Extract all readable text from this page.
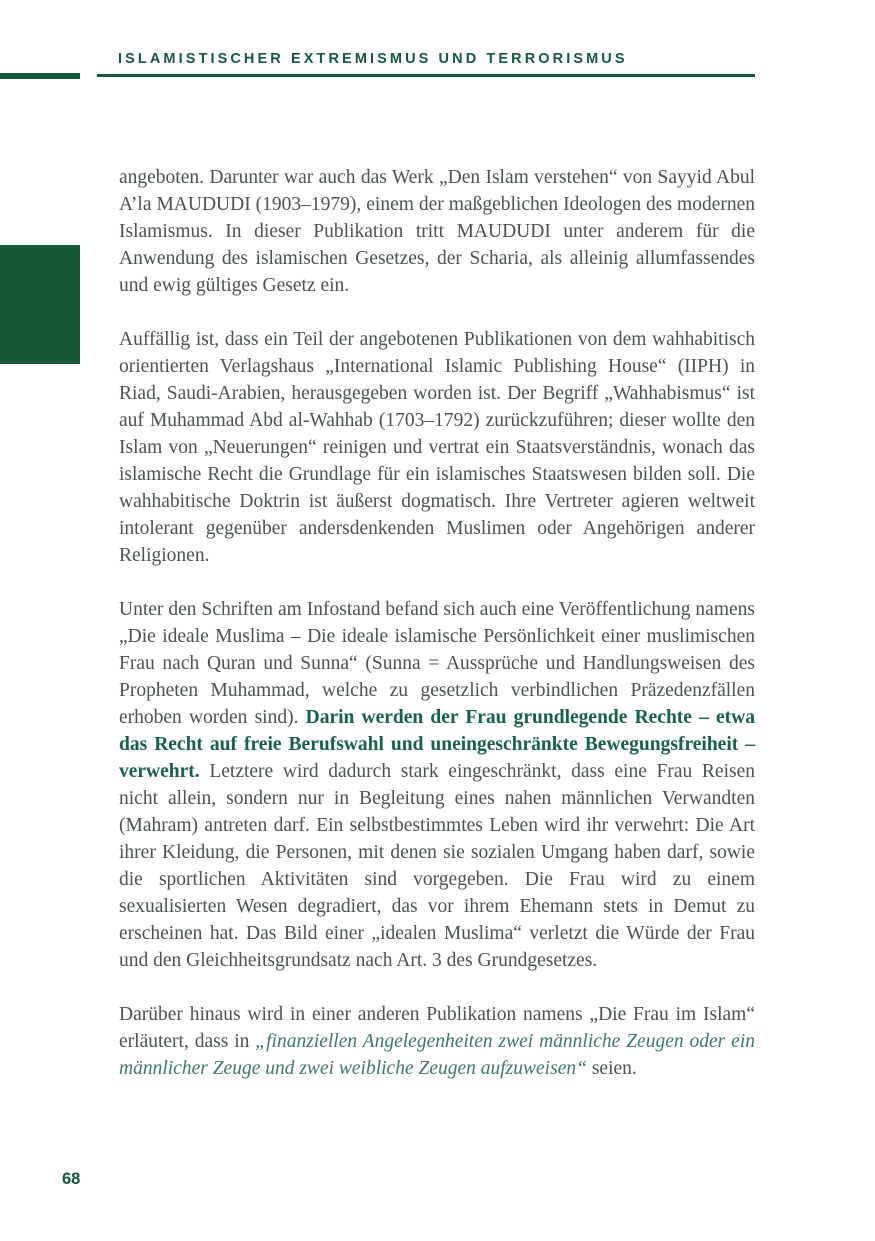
ISLAMISTISCHER EXTREMISMUS UND TERRORISMUS

angeboten. Darunter war auch das Werk „Den Islam verstehen“ von Sayyid Abul A’la MAUDUDI (1903–1979), einem der maßgeblichen Ideologen des modernen Islamismus. In dieser Publikation tritt MAUDUDI unter anderem für die Anwendung des islamischen Gesetzes, der Scharia, als alleinig allumfassendes und ewig gültiges Gesetz ein.

Auffällig ist, dass ein Teil der angebotenen Publikationen von dem wahhabitisch orientierten Verlagshaus „International Islamic Publishing House“ (IIPH) in Riad, Saudi-Arabien, herausgegeben worden ist. Der Begriff „Wahhabismus“ ist auf Muhammad Abd al-Wahhab (1703–1792) zurückzuführen; dieser wollte den Islam von „Neuerungen“ reinigen und vertrat ein Staatsverständnis, wonach das islamische Recht die Grundlage für ein islamisches Staatswesen bilden soll. Die wahhabitische Doktrin ist äußerst dogmatisch. Ihre Vertreter agieren weltweit intolerant gegenüber andersdenkenden Muslimen oder Angehörigen anderer Religionen.

Unter den Schriften am Infostand befand sich auch eine Veröffentlichung namens „Die ideale Muslima – Die ideale islamische Persönlichkeit einer muslimischen Frau nach Quran und Sunna“ (Sunna = Aussprüche und Handlungsweisen des Propheten Muhammad, welche zu gesetzlich verbindlichen Präzedenzfällen erhoben worden sind). Darin werden der Frau grundlegende Rechte – etwa das Recht auf freie Berufswahl und uneingeschränkte Bewegungsfreiheit – verwehrt. Letztere wird dadurch stark eingeschränkt, dass eine Frau Reisen nicht allein, sondern nur in Begleitung eines nahen männlichen Verwandten (Mahram) antreten darf. Ein selbstbestimmtes Leben wird ihr verwehrt: Die Art ihrer Kleidung, die Personen, mit denen sie sozialen Umgang haben darf, sowie die sportlichen Aktivitäten sind vorgegeben. Die Frau wird zu einem sexualisierten Wesen degradiert, das vor ihrem Ehemann stets in Demut zu erscheinen hat. Das Bild einer „idealen Muslima“ verletzt die Würde der Frau und den Gleichheitsgrundsatz nach Art. 3 des Grundgesetzes.

Darüber hinaus wird in einer anderen Publikation namens „Die Frau im Islam“ erläutert, dass in „finanziellen Angelegenheiten zwei männliche Zeugen oder ein männlicher Zeuge und zwei weibliche Zeugen aufzuweisen“ seien.

68
